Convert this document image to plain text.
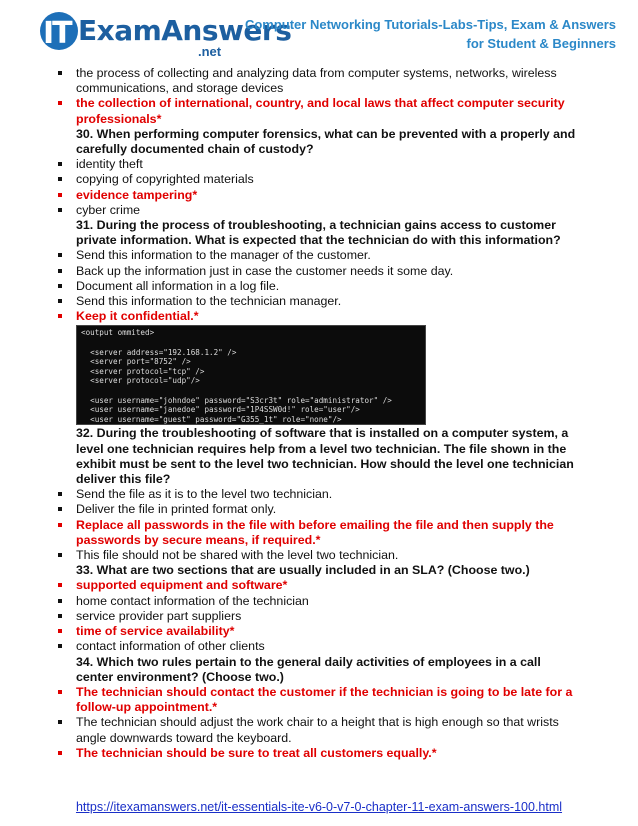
IT ExamAnswers
.net
Computer Networking Tutorials-Labs-Tips, Exam & Answers
for Student & Beginners
the process of collecting and analyzing data from computer systems, networks, wireless communications, and storage devices
the collection of international, country, and local laws that affect computer security professionals*
30. When performing computer forensics, what can be prevented with a properly and carefully documented chain of custody?
identity theft
copying of copyrighted materials
evidence tampering*
cyber crime
31. During the process of troubleshooting, a technician gains access to customer private information. What is expected that the technician do with this information?
Send this information to the manager of the customer.
Back up the information just in case the customer needs it some day.
Document all information in a log file.
Send this information to the technician manager.
Keep it confidential.*
<output ommited>
<server address="192.168.1.2" />
<server port="8752" />
<server protocol="tcp" />
<server protocol="udp"/>
<user username="johndoe" password="S3cr3t" role="administrator" />
<user username="janedoe" password="1P4SSW0d!" role="user"/>
<user username="guest" password="G355_1t" role="none"/>
32. During the troubleshooting of software that is installed on a computer system, a level one technician requires help from a level two technician. The file shown in the exhibit must be sent to the level two technician. How should the level one technician deliver this file?
Send the file as it is to the level two technician.
Deliver the file in printed format only.
Replace all passwords in the file with before emailing the file and then supply the passwords by secure means, if required.*
This file should not be shared with the level two technician.
33. What are two sections that are usually included in an SLA? (Choose two.)
supported equipment and software*
home contact information of the technician
service provider part suppliers
time of service availability*
contact information of other clients
34. Which two rules pertain to the general daily activities of employees in a call center environment? (Choose two.)
The technician should contact the customer if the technician is going to be late for a follow-up appointment.*
The technician should adjust the work chair to a height that is high enough so that wrists angle downwards toward the keyboard.
The technician should be sure to treat all customers equally.*
https://itexamanswers.net/it-essentials-ite-v6-0-v7-0-chapter-11-exam-answers-100.html
